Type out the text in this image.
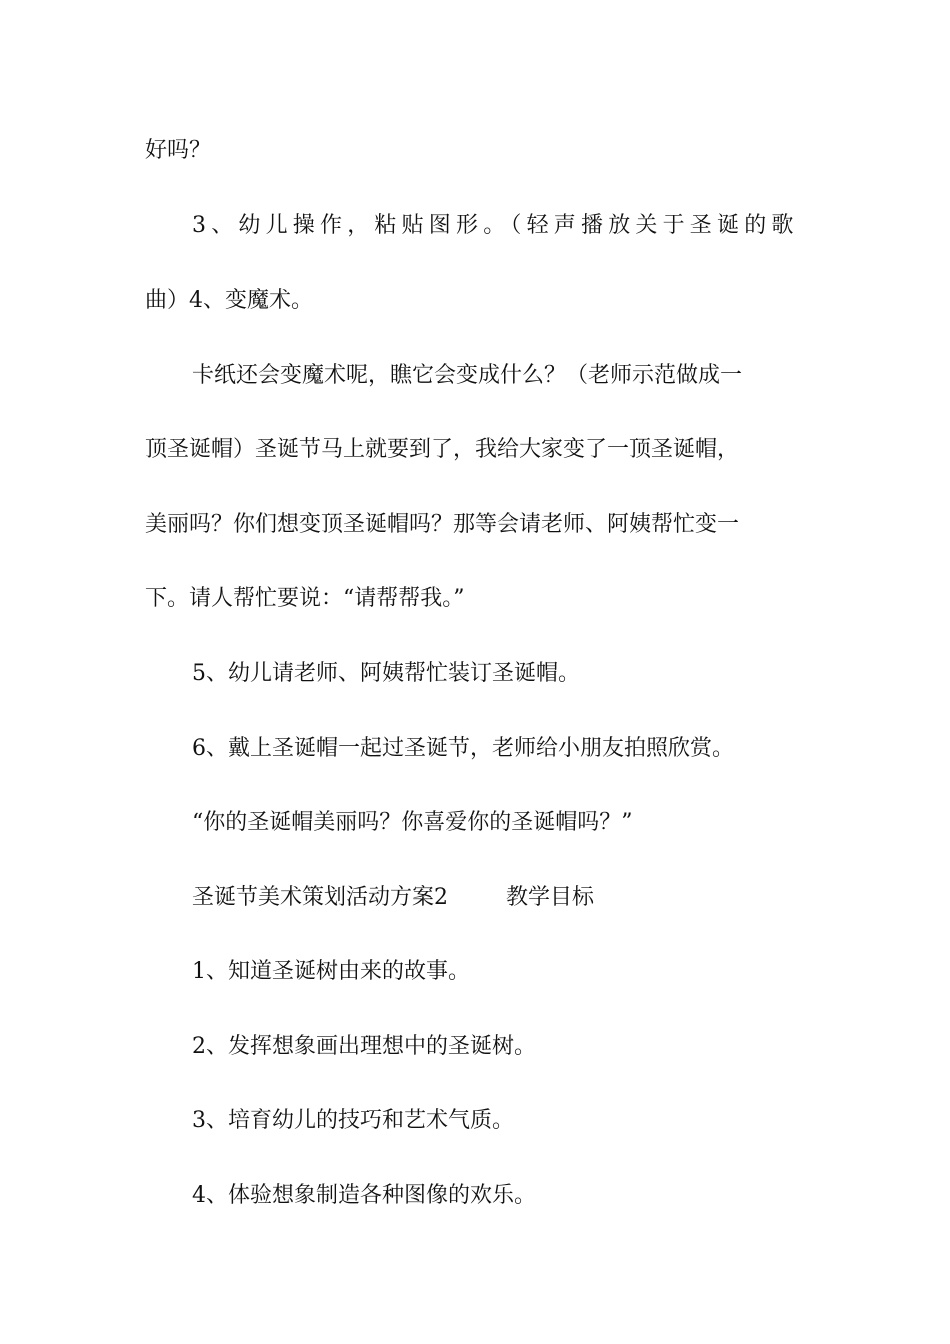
好吗？

3、幼儿操作，粘贴图形。（轻声播放关于圣诞的歌

曲）4、变魔术。

卡纸还会变魔术呢，瞧它会变成什么？（老师示范做成一

顶圣诞帽）圣诞节马上就要到了，我给大家变了一顶圣诞帽，

美丽吗？你们想变顶圣诞帽吗？那等会请老师、阿姨帮忙变一

下。请人帮忙要说：“请帮帮我。”

5、幼儿请老师、阿姨帮忙装订圣诞帽。

6、戴上圣诞帽一起过圣诞节，老师给小朋友拍照欣赏。

“你的圣诞帽美丽吗？你喜爱你的圣诞帽吗？”

圣诞节美术策划活动方案2	教学目标

1、知道圣诞树由来的故事。

2、发挥想象画出理想中的圣诞树。

3、培育幼儿的技巧和艺术气质。

4、体验想象制造各种图像的欢乐。
